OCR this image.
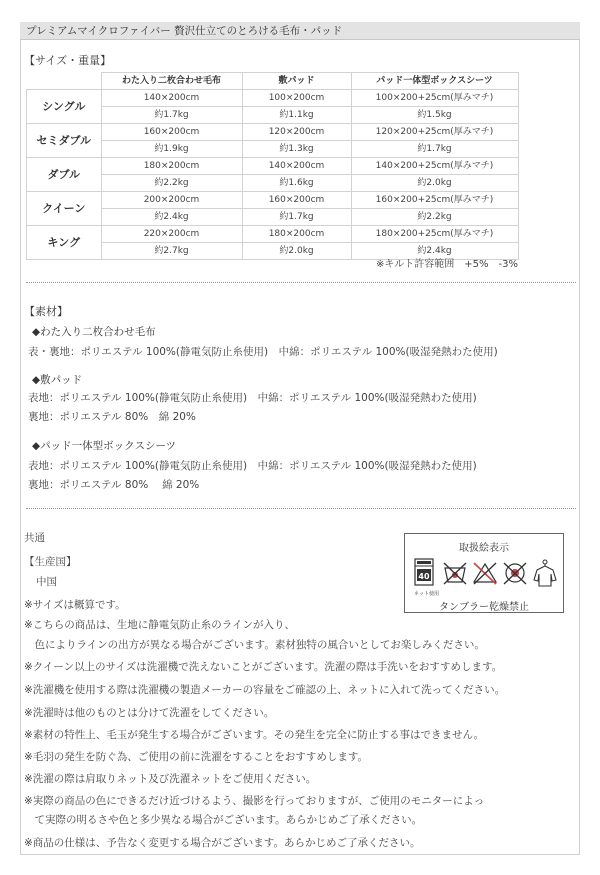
プレミアムマイクロファイバー 贅沢仕立てのとろける毛布・パッド
【サイズ・重量】
	わた入り二枚合わせ毛布	敷パッド	パッド一体型ボックスシーツ
シングル	140×200cm	100×200cm	100×200+25cm(厚みマチ)
	約1.7kg	約1.1kg	約1.5kg
セミダブル	160×200cm	120×200cm	120×200+25cm(厚みマチ)
	約1.9kg	約1.3kg	約1.7kg
ダブル	180×200cm	140×200cm	140×200+25cm(厚みマチ)
	約2.2kg	約1.6kg	約2.0kg
クイーン	200×200cm	160×200cm	160×200+25cm(厚みマチ)
	約2.4kg	約1.7kg	約2.2kg
キング	220×200cm	180×200cm	180×200+25cm(厚みマチ)
	約2.7kg	約2.0kg	約2.4kg
※キルト許容範囲　+5%　-3%
【素材】
◆わた入り二枚合わせ毛布
表・裏地：ポリエステル 100%(静電気防止糸使用)　中綿：ポリエステル 100%(吸湿発熱わた使用)
◆敷パッド
表地：ポリエステル 100%(静電気防止糸使用)　中綿：ポリエステル 100%(吸湿発熱わた使用)
裏地：ポリエステル 80%　綿 20%
◆パッド一体型ボックスシーツ
表地：ポリエステル 100%(静電気防止糸使用)　中綿：ポリエステル 100%(吸湿発熱わた使用)
裏地：ポリエステル 80%　 綿 20%
共通
【生産国】
中国
※サイズは概算です。
※こちらの商品は、生地に静電気防止糸のラインが入り、
　色によりラインの出方が異なる場合がございます。素材独特の風合いとしてお楽しみください。
※クイーン以上のサイズは洗濯機で洗えないことがございます。洗濯の際は手洗いをおすすめします。
※洗濯機を使用する際は洗濯機の製造メーカーの容量をご確認の上、ネットに入れて洗ってください。
※洗濯時は他のものとは分けて洗濯をしてください。
※素材の特性上、毛玉が発生する場合がございます。その発生を完全に防止する事はできません。
※毛羽の発生を防ぐ為、ご使用の前に洗濯をすることをおすすめします。
※洗濯の際は肩取りネット及び洗濯ネットをご使用ください。
※実際の商品の色にできるだけ近づけるよう、撮影を行っておりますが、ご使用のモニターによっ
　て実際の明るさや色と多少異なる場合がございます。あらかじめご了承ください。
※商品の仕様は、予告なく変更する場合がございます。あらかじめご了承ください。
取扱絵表示
40
ネット使用
タンブラー乾燥禁止
